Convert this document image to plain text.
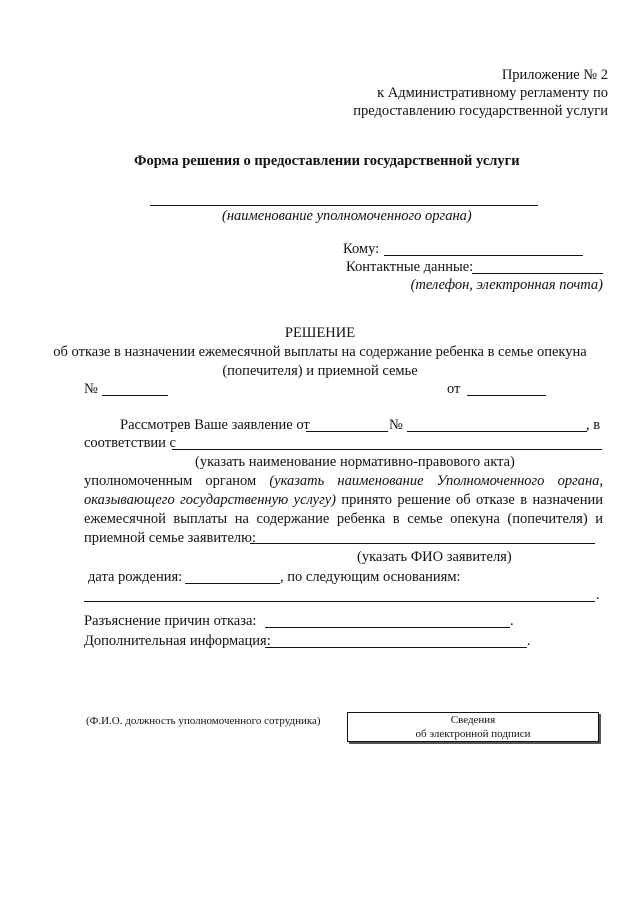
Приложение № 2
к Административному регламенту по
предоставлению государственной услуги
Форма решения о предоставлении государственной услуги
(наименование уполномоченного органа)
Кому:
Контактные данные:
(телефон, электронная почта)
РЕШЕНИЕ
об отказе в назначении ежемесячной выплаты на содержание ребенка в семье опекуна
(попечителя) и приемной семье
№	от
Рассмотрев Ваше заявление от	№	, в
соответствии с
(указать наименование нормативно-правового акта)
уполномоченным органом (указать наименование Уполномоченного органа,
оказывающего государственную услугу) принято решение об отказе в назначении
ежемесячной выплаты на содержание ребенка в семье опекуна (попечителя) и
приемной семье заявителю:
(указать ФИО заявителя)
дата рождения:	, по следующим основаниям:
.
Разъяснение причин отказа:	.
Дополнительная информация:	.
(Ф.И.О. должность уполномоченного сотрудника)	Сведения
об электронной подписи
